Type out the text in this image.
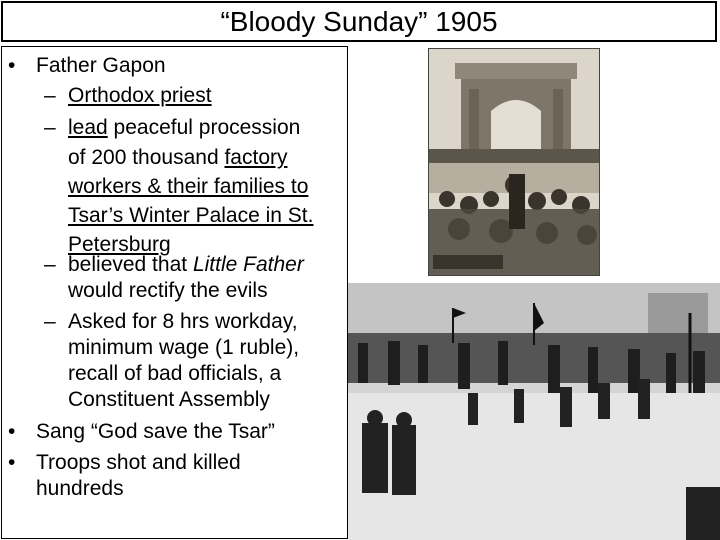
“Bloody Sunday” 1905
• Father Gapon
– Orthodox priest
– lead peaceful procession
of 200 thousand factory
workers & their families to
Tsar’s Winter Palace in St.
Petersburg
– believed that Little Father
would rectify the evils
– Asked for 8 hrs workday,
minimum wage (1 ruble),
recall of bad officials, a
Constituent Assembly
• Sang “God save the Tsar”
• Troops shot and killed
hundreds
